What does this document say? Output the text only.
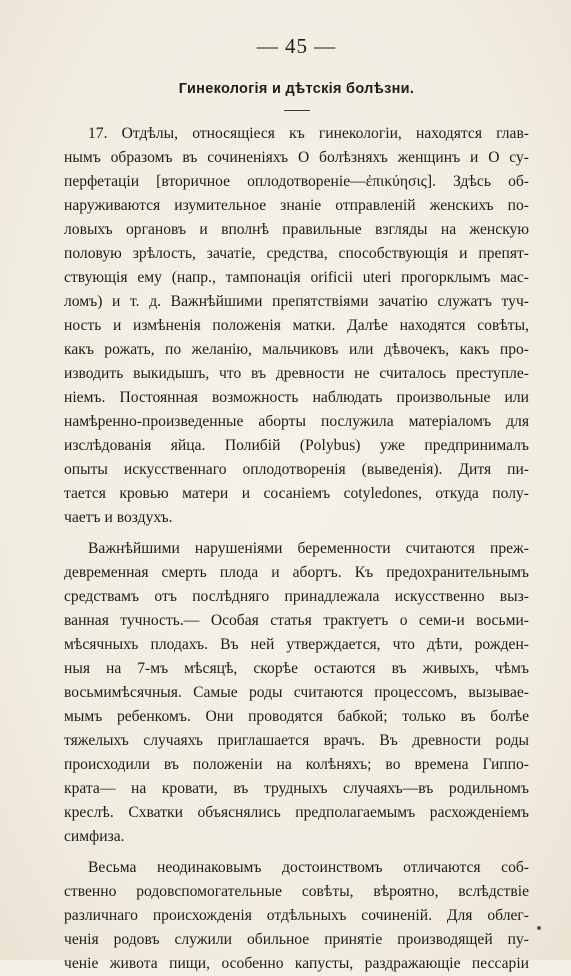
— 45 —
Гинекологія и дѣтскія болѣзни.
17. Отдѣлы, относящіеся къ гинекологіи, находятся глав-
нымъ образомъ въ сочиненіяхъ О болѣзняхъ женщинъ и О су-
перфетаціи [вторичное оплодотвореніе—ἐπικύησις]. Здѣсь об-
наруживаются изумительное знаніе отправленій женскихъ по-
ловыхъ органовъ и вполнѣ правильные взгляды на женскую
половую зрѣлость, зачатіе, средства, способствующія и препят-
ствующія ему (напр., тампонація orificii uteri прогорклымъ мас-
ломъ) и т. д. Важнѣйшими препятствіями зачатію служатъ туч-
ность и измѣненія положенія матки. Далѣе находятся совѣты,
какъ рожать, по желанію, мальчиковъ или дѣвочекъ, какъ про-
изводить выкидышъ, что въ древности не считалось преступле-
ніемъ. Постоянная возможность наблюдать произвольные или
намѣренно-произведенные аборты послужила матеріаломъ для
изслѣдованія яйца. Полибій (Polybus) уже предпринималъ
опыты искусственнаго оплодотворенія (выведенія). Дитя пи-
тается кровью матери и сосаніемъ cotyledones, откуда полу-
чаетъ и воздухъ.
Важнѣйшими нарушеніями беременности считаются преж-
девременная смерть плода и абортъ. Къ предохранительнымъ
средствамъ отъ послѣдняго принадлежала искусственно выз-
ванная тучность.— Особая статья трактуетъ о семи-и восьми-
мѣсячныхъ плодахъ. Въ ней утверждается, что дѣти, рожден-
ныя на 7-мъ мѣсяцѣ, скорѣе остаются въ живыхъ, чѣмъ
восьмимѣсячныя. Самые роды считаются процессомъ, вызывае-
мымъ ребенкомъ. Они проводятся бабкой; только въ болѣе
тяжелыхъ случаяхъ приглашается врачъ. Въ древности роды
происходили въ положеніи на колѣняхъ; во времена Гиппо-
крата— на кровати, въ трудныхъ случаяхъ—въ родильномъ
креслѣ. Схватки объяснялись предполагаемымъ расхожденіемъ
симфиза.
Весьма неодинаковымъ достоинствомъ отличаются соб-
ственно родовспомогательные совѣты, вѣроятно, вслѣдствіе
различнаго происхожденія отдѣльныхъ сочиненій. Для облег-
ченія родовъ служили обильное принятіе производящей пу-
ченіе живота пищи, особенно капусты, раздражающіе пессаріи
